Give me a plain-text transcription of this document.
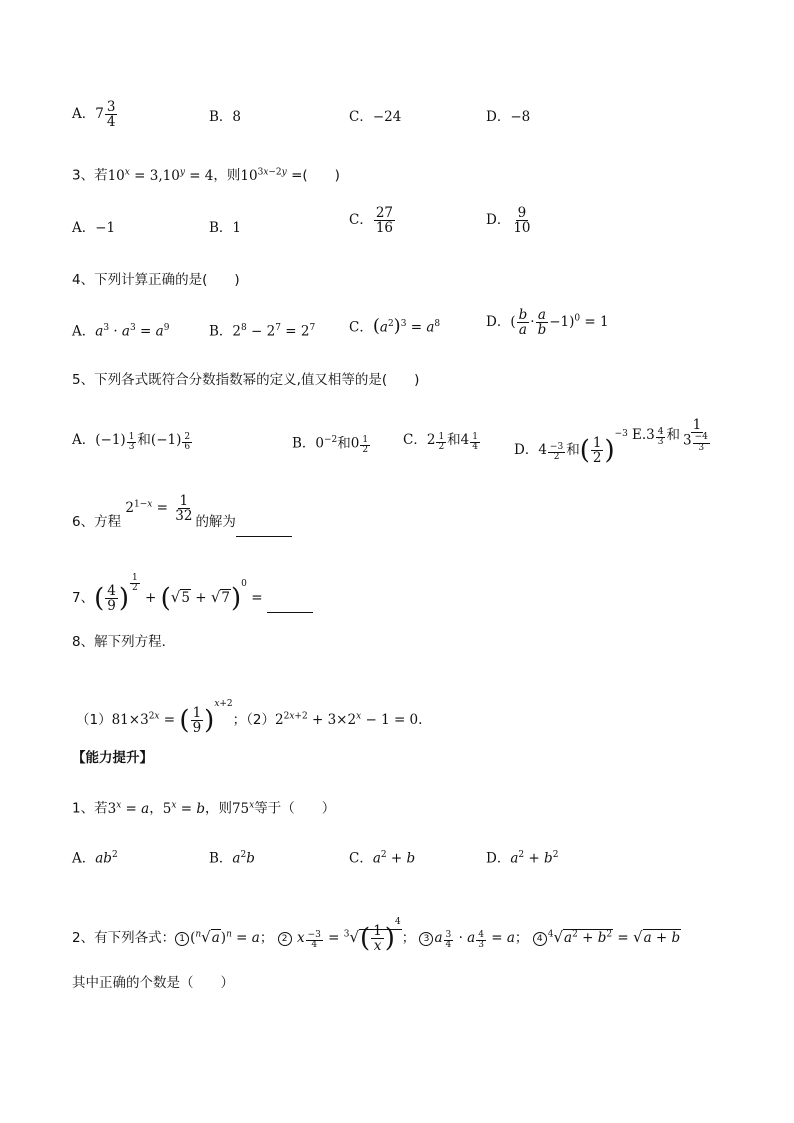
A．$7 \frac{3}{4}$	B．8	C．−24	D．−8
3、若$10^x = 3,10^y = 4$，则$10^{3x-2y}$ =(　　)
A．−1	B．1	C． $\frac{27}{16}$	D． $\frac{9}{10}$
4、下列计算正确的是(　　)
A．$a^3 \cdot a^3 = a^9$	B．$2^8 - 2^7 = 2^7$	C．$(a^2)^3 = a^8$	D．( $\frac{b}{a} \cdot \frac{a}{b} -1)^0 = 1$
5、下列各式既符合分数指数幂的定义,值又相等的是(　　)
A．$(-1) \frac{1}{3}$ 和$(-1) \frac{2}{6}$	B．$0^{-2}$和$0 \frac{1}{2}$ C．$2 \frac{1}{2}$ 和$4 \frac{1}{4}$	D．$4 \frac{-3}{2}$ 和( $\frac{1}{2} )^{-3}$ $E.3 \frac{4}{3}$ 和 $\frac{1}{3 \frac{-4}{3}}$
6、方程 $2^{1-x} = \frac{1}{32}$ 的解为
7、( $\frac{4}{9}$ ) $\frac{1}{2}$
+ $(√5 + √7)^0$ =
8、解下列方程．
$(1)81\times 3^{2x}$ = ( $\frac{1}{9} )^{x+2}$；$(2)2^{2x+2} + 3\times 2^x - 1 = 0$.
【能力提升】
1、若$3^x = a$，$5^x = b$，则75$^x$等于（　　）
A．$ab^2$	B．$a^2b$	C．$a^2 + b$	D．$a^2 + b^2$
2、有下列各式： 1 $(^n√a)^n = a$； 2 x $\frac{-3}{4} = ^3√( \frac{1}{x} )^4$； 3 a $\frac{3}{4} \cdot a \frac{4}{3} = a$； 4 $^4√a^2 + b^2 = √a + b$
其中正确的个数是（　　）
